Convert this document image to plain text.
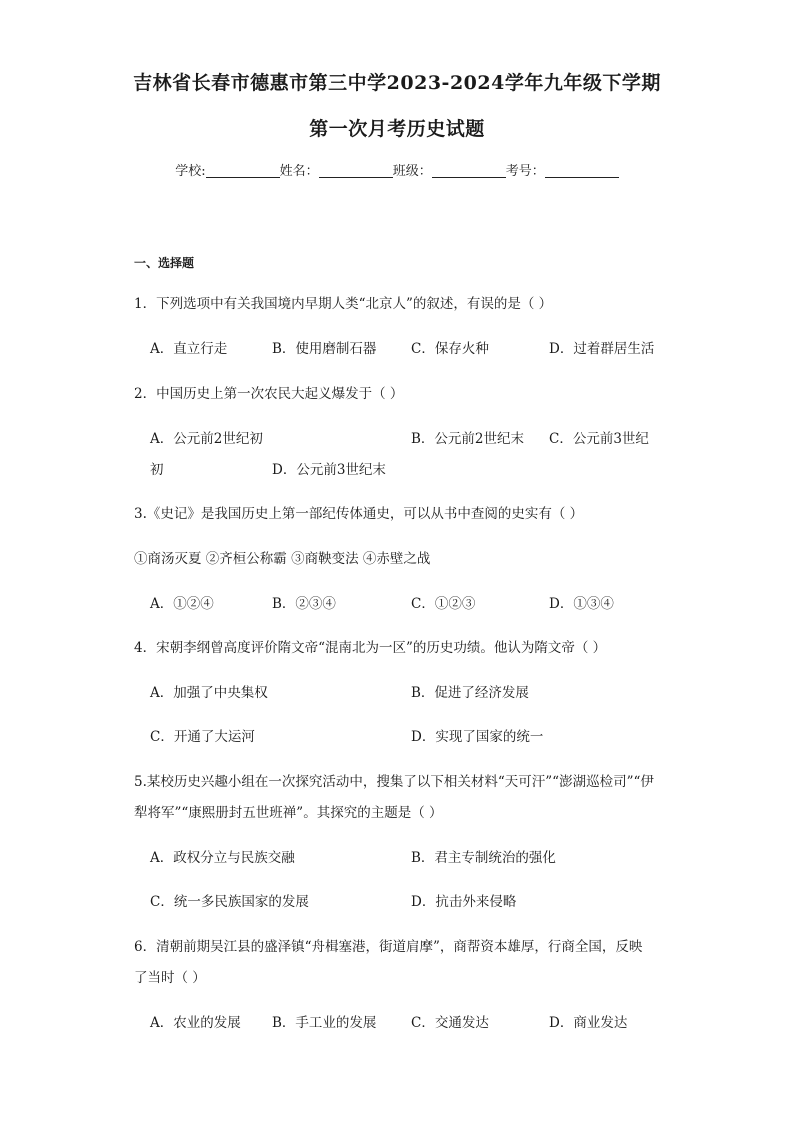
吉林省长春市德惠市第三中学2023-2024学年九年级下学期
第一次月考历史试题
学校:	姓名：	班级：	考号：
一、选择题
1．下列选项中有关我国境内早期人类“北京人”的叙述，有误的是（ ）
A．直立行走	B．使用磨制石器	C．保存火种	D．过着群居生活
2．中国历史上第一次农民大起义爆发于（ ）
A．公元前2世纪初	B．公元前2世纪末 C．公元前3世纪
初	D．公元前3世纪末
3.《史记》是我国历史上第一部纪传体通史，可以从书中查阅的史实有（ ）
①商汤灭夏 ②齐桓公称霸 ③商鞅变法 ④赤壁之战
A．①②④	B．②③④	C．①②③	D．①③④
4．宋朝李纲曾高度评价隋文帝“混南北为一区”的历史功绩。他认为隋文帝（ ）
A．加强了中央集权	B．促进了经济发展
C．开通了大运河	D．实现了国家的统一
5.某校历史兴趣小组在一次探究活动中，搜集了以下相关材料“天可汗”“澎湖巡检司”“伊
犁将军”“康熙册封五世班禅”。其探究的主题是（ ）
A．政权分立与民族交融	B．君主专制统治的强化
C．统一多民族国家的发展	D．抗击外来侵略
6．清朝前期吴江县的盛泽镇“舟楫塞港，街道肩摩”，商帮资本雄厚，行商全国，反映
了当时（ ）
A．农业的发展 B．手工业的发展	C．交通发达	D．商业发达
